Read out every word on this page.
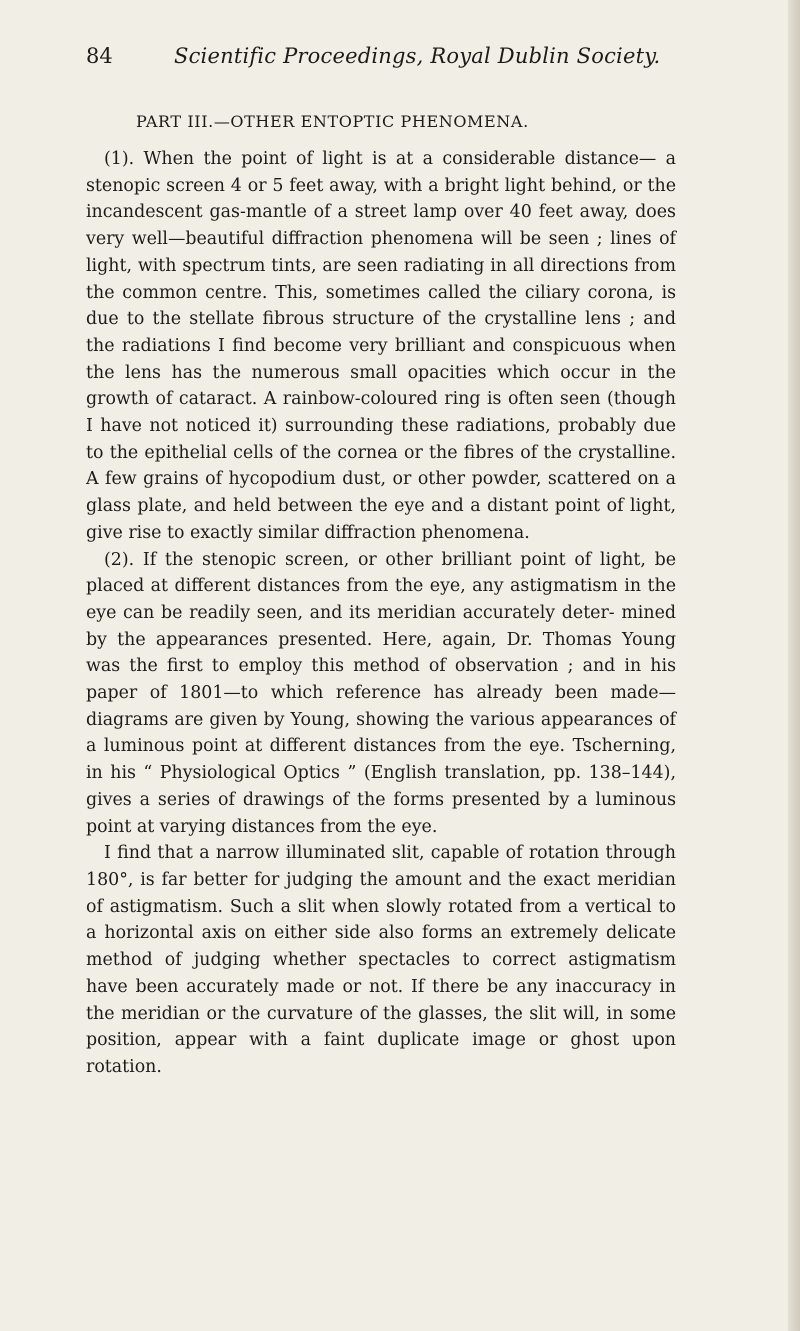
84	Scientific Proceedings, Royal Dublin Society.
PART III.—OTHER ENTOPTIC PHENOMENA.

(1). When the point of light is at a considerable distance— a stenopic screen 4 or 5 feet away, with a bright light behind, or the incandescent gas-mantle of a street lamp over 40 feet away, does very well—beautiful diffraction phenomena will be seen ; lines of light, with spectrum tints, are seen radiating in all directions from the common centre. This, sometimes called the ciliary corona, is due to the stellate fibrous structure of the crystalline lens ; and the radiations I find become very brilliant and conspicuous when the lens has the numerous small opacities which occur in the growth of cataract. A rainbow-coloured ring is often seen (though I have not noticed it) surrounding these radiations, probably due to the epithelial cells of the cornea or the fibres of the crystalline. A few grains of hycopodium dust, or other powder, scattered on a glass plate, and held between the eye and a distant point of light, give rise to exactly similar diffraction phenomena.

(2). If the stenopic screen, or other brilliant point of light, be placed at different distances from the eye, any astigmatism in the eye can be readily seen, and its meridian accurately deter- mined by the appearances presented. Here, again, Dr. Thomas Young was the first to employ this method of observation ; and in his paper of 1801—to which reference has already been made— diagrams are given by Young, showing the various appearances of a luminous point at different distances from the eye. Tscherning, in his “ Physiological Optics ” (English translation, pp. 138–144), gives a series of drawings of the forms presented by a luminous point at varying distances from the eye.

I find that a narrow illuminated slit, capable of rotation through 180°, is far better for judging the amount and the exact meridian of astigmatism. Such a slit when slowly rotated from a vertical to a horizontal axis on either side also forms an extremely delicate method of judging whether spectacles to correct astigmatism have been accurately made or not. If there be any inaccuracy in the meridian or the curvature of the glasses, the slit will, in some position, appear with a faint duplicate image or ghost upon rotation.
